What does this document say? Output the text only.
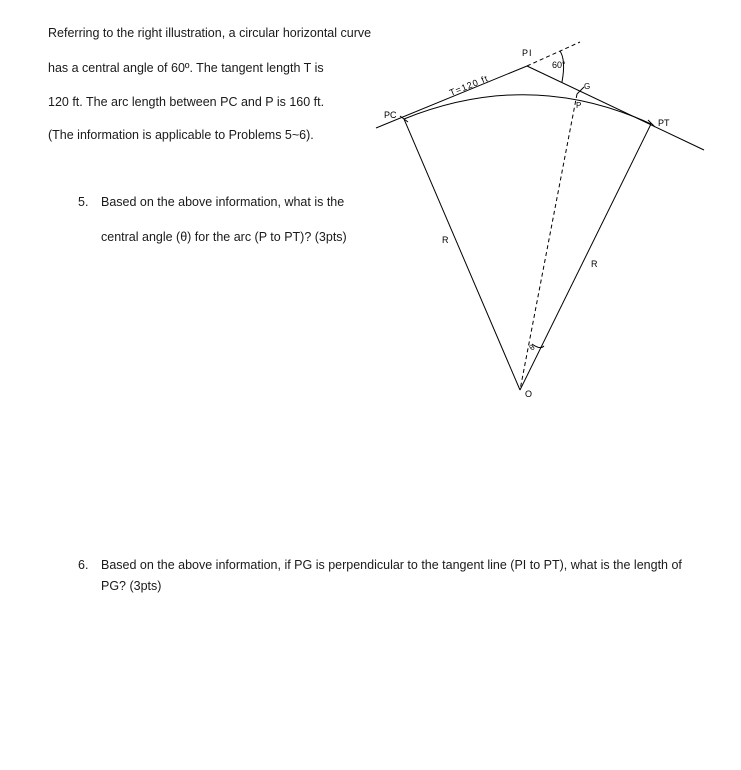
Referring to the right illustration, a circular horizontal curve
has a central angle of 60º. The tangent length T is
120 ft. The arc length between PC and P is 160 ft.
(The information is applicable to Problems 5~6).
5. Based on the above information, what is the
central angle (θ) for the arc (P to PT)? (3pts)
6. Based on the above information, if PG is perpendicular to the tangent line (PI to PT), what is the length of PG? (3pts)
PI
60°
T=120 ft
PC
PT
G
P
R
R
O
θ
